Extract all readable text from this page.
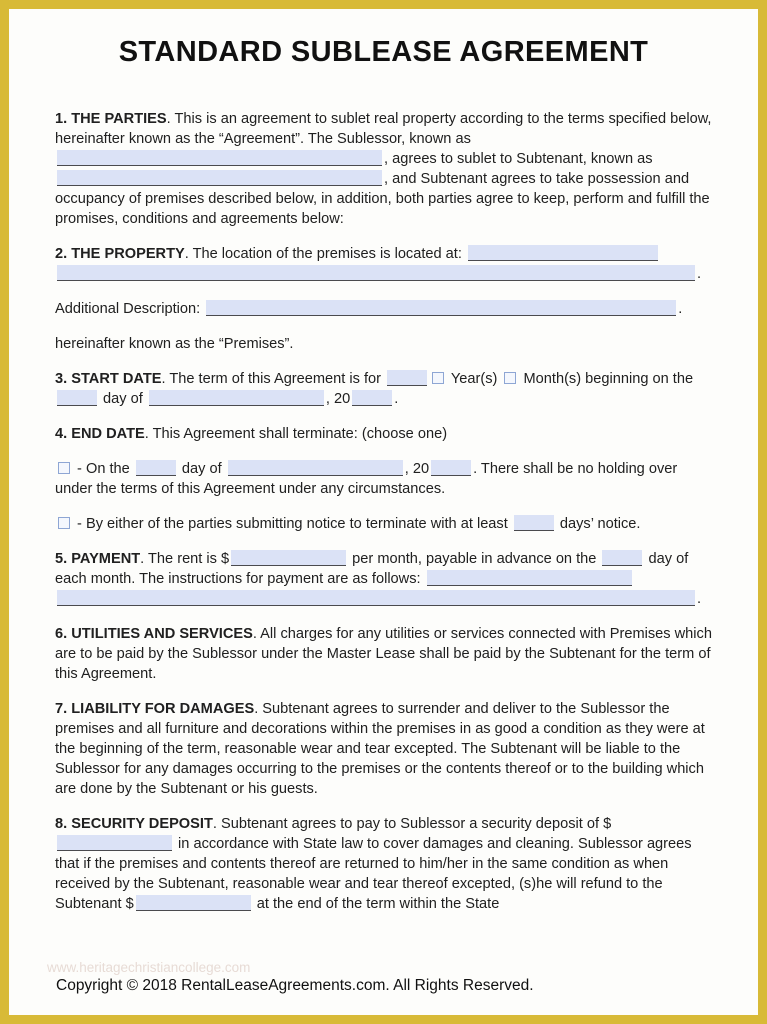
STANDARD SUBLEASE AGREEMENT

1. THE PARTIES. This is an agreement to sublet real property according to the terms specified below, hereinafter known as the “Agreement”. The Sublessor, known as , agrees to sublet to Subtenant, known as , and Subtenant agrees to take possession and occupancy of premises described below, in addition, both parties agree to keep, perform and fulfill the promises, conditions and agreements below:

2. THE PROPERTY. The location of the premises is located at: .

Additional Description:	.

hereinafter known as the “Premises”.

3. START DATE. The term of this Agreement is for	Year(s)  Month(s) beginning on the  day of	, 20	.

4. END DATE. This Agreement shall terminate: (choose one)

- On the	day of	, 20	. There shall be no holding over under the terms of this Agreement under any circumstances.

- By either of the parties submitting notice to terminate with at least	days’ notice.

5. PAYMENT. The rent is $	per month, payable in advance on the	day of each month. The instructions for payment are as follows: .

6. UTILITIES AND SERVICES. All charges for any utilities or services connected with Premises which are to be paid by the Sublessor under the Master Lease shall be paid by the Subtenant for the term of this Agreement.

7. LIABILITY FOR DAMAGES. Subtenant agrees to surrender and deliver to the Sublessor the premises and all furniture and decorations within the premises in as good a condition as they were at the beginning of the term, reasonable wear and tear excepted. The Subtenant will be liable to the Sublessor for any damages occurring to the premises or the contents thereof or to the building which are done by the Subtenant or his guests.

8. SECURITY DEPOSIT. Subtenant agrees to pay to Sublessor a security deposit of $ in accordance with State law to cover damages and cleaning. Sublessor agrees that if the premises and contents thereof are returned to him/her in the same condition as when received by the Subtenant, reasonable wear and tear thereof excepted, (s)he will refund to the Subtenant $	at the end of the term within the State

www.heritagechristiancollege.com
Copyright © 2018 RentalLeaseAgreements.com. All Rights Reserved.
